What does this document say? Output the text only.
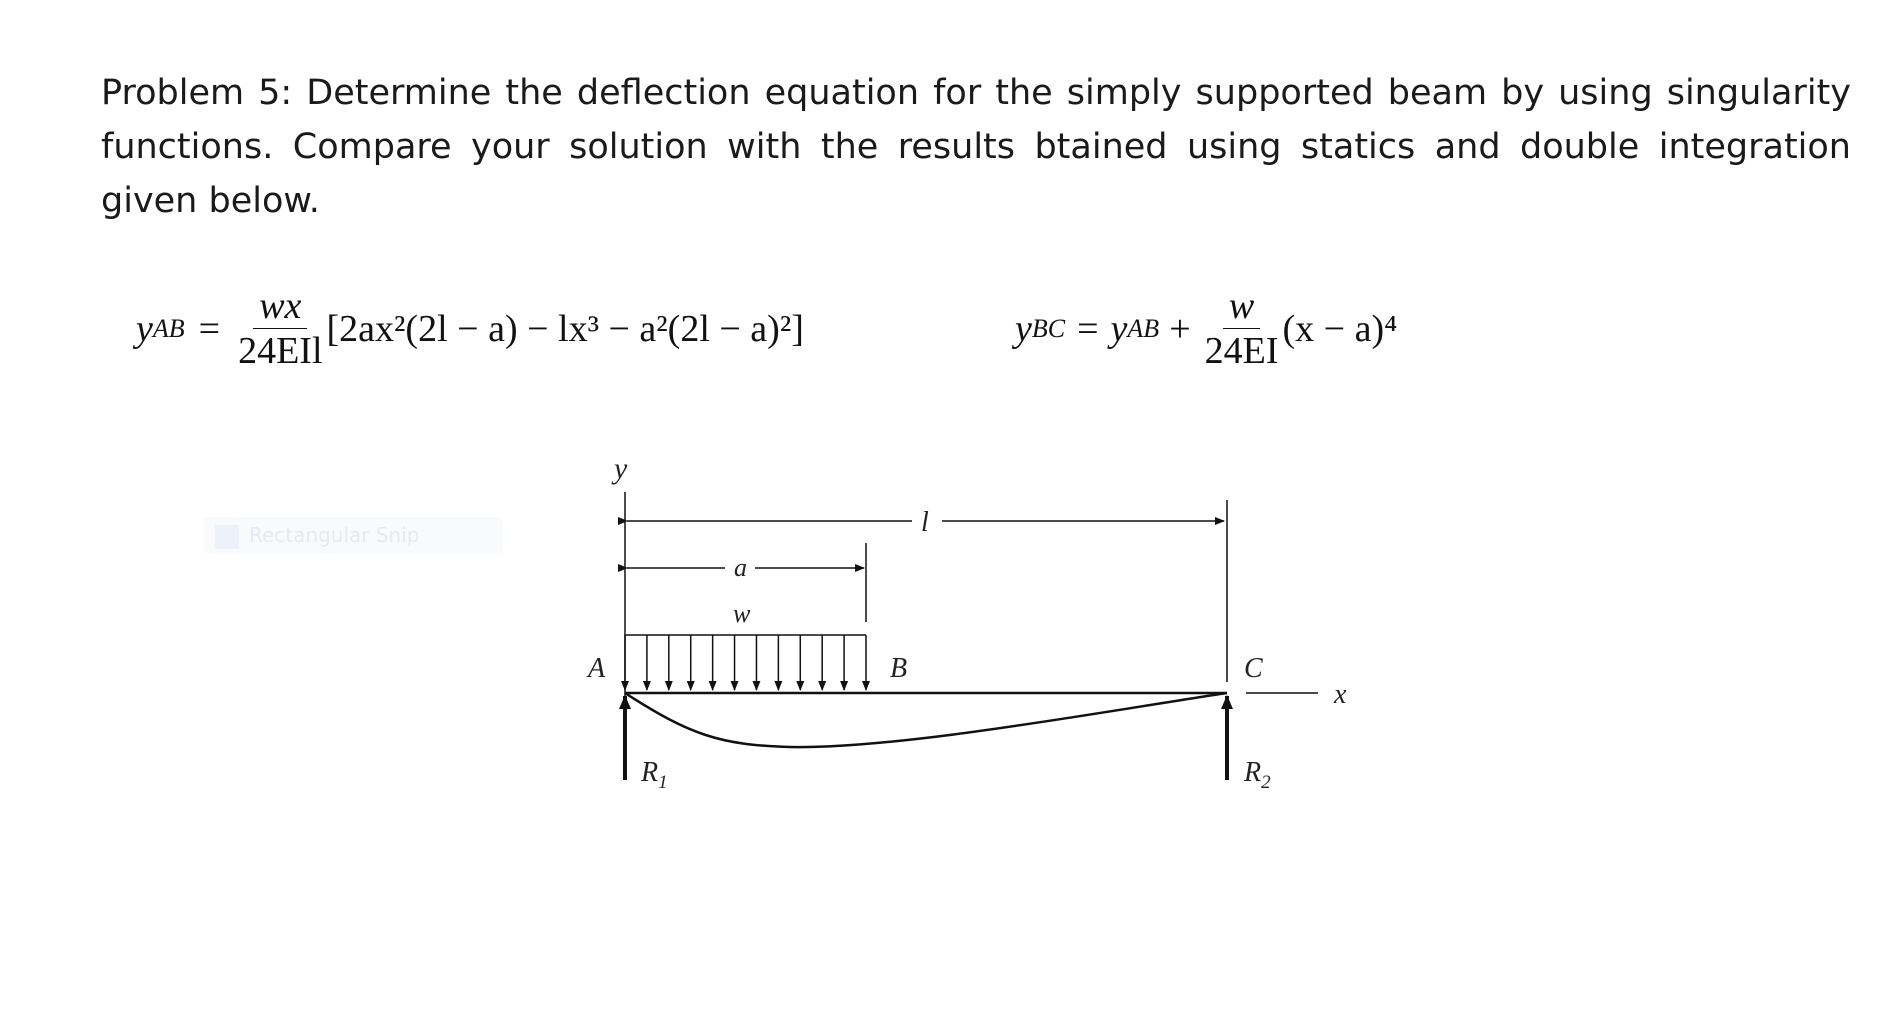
Problem 5: Determine the deflection equation for the simply supported beam by using singularity functions. Compare your solution with the results btained using statics and double integration given below.

y AB = $\frac{wx}{\text{24EIl}} [2ax^2(2l - a) - lx^3 - a^2(2l - a)^2]$	y BC = y AB + $\frac{w}{24EI} (x - a)^4$
Rectangular Snip
y
l
a
w
A	B	C
x
$R_1$	$R_2$
